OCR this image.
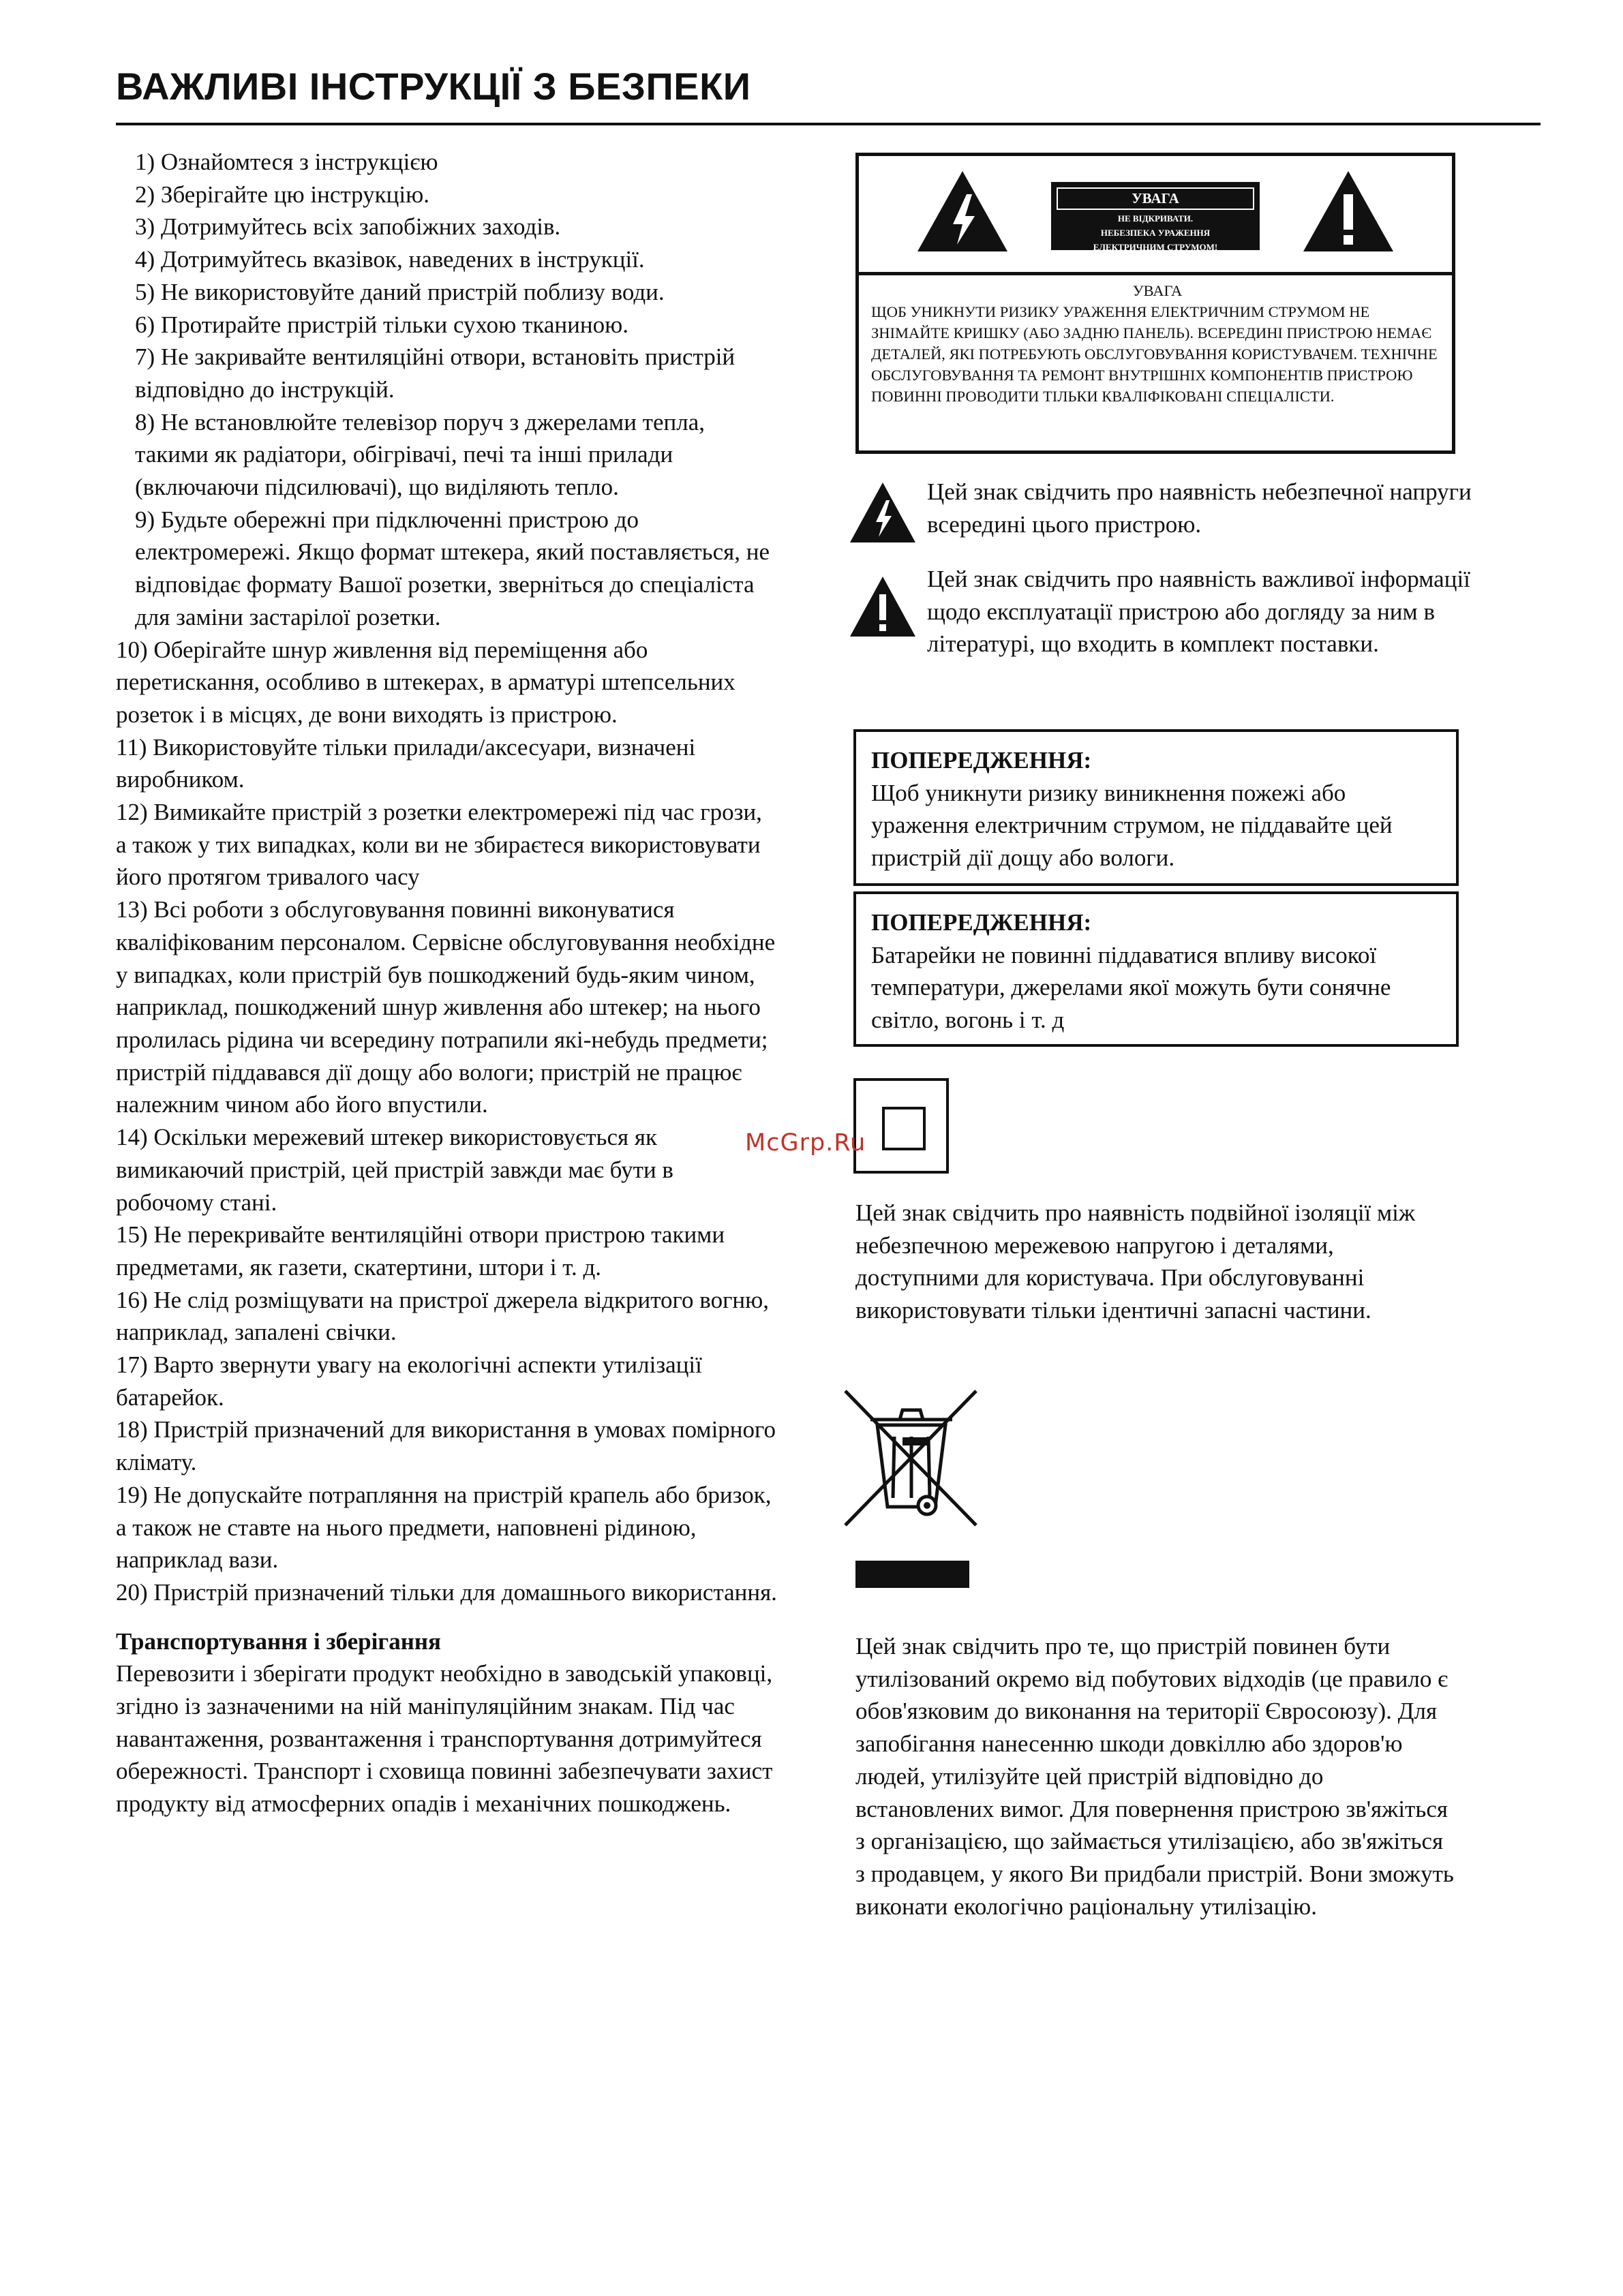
ВАЖЛИВІ ІНСТРУКЦІЇ З БЕЗПЕКИ
1) Ознайомтеся з інструкцією
2) Зберігайте цю інструкцію.
3) Дотримуйтесь всіх запобіжних заходів.
4) Дотримуйтесь вказівок, наведених в інструкції.
5) Не використовуйте даний пристрій поблизу води.
6) Протирайте пристрій тільки сухою тканиною.
7) Не закривайте вентиляційні отвори, встановіть пристрій відповідно до інструкцій.
8) Не встановлюйте телевізор поруч з джерелами тепла, такими як радіатори, обігрівачі, печі та інші прилади (включаючи підсилювачі), що виділяють тепло.
9) Будьте обережні при підключенні пристрою до електромережі. Якщо формат штекера, який поставляється, не відповідає формату Вашої розетки, зверніться до спеціаліста для заміни застарілої розетки.
10) Оберігайте шнур живлення від переміщення або перетискання, особливо в штекерах, в арматурі штепсельних розеток і в місцях, де вони виходять із пристрою.
11) Використовуйте тільки прилади/аксесуари, визначені виробником.
12) Вимикайте пристрій з розетки електромережі під час грози, а також у тих випадках, коли ви не збираєтеся використовувати його протягом тривалого часу
13) Всі роботи з обслуговування повинні виконуватися кваліфікованим персоналом. Сервісне обслуговування необхідне у випадках, коли пристрій був пошкоджений будь-яким чином, наприклад, пошкоджений шнур живлення або штекер; на нього пролилась рідина чи всередину потрапили які-небудь предмети; пристрій піддавався дії дощу або вологи; пристрій не працює належним чином або його впустили.
14) Оскільки мережевий штекер використовується як вимикаючий пристрій, цей пристрій завжди має бути в робочому стані.
15) Не перекривайте вентиляційні отвори пристрою такими предметами, як газети, скатертини, штори і т. д.
16) Не слід розміщувати на пристрої джерела відкритого вогню, наприклад, запалені свічки.
17) Варто звернути увагу на екологічні аспекти утилізації батарейок.
18) Пристрій призначений для використання в умовах помірного клімату.
19) Не допускайте потрапляння на пристрій крапель або бризок, а також не ставте на нього предмети, наповнені рідиною, наприклад вази.
20) Пристрій призначений тільки для домашнього використання.
Транспортування і зберігання
Перевозити і зберігати продукт необхідно в заводській упаковці, згідно із зазначеними на ній маніпуляційним знакам. Під час навантаження, розвантаження і транспортування дотримуйтеся обережності. Транспорт і сховища повинні забезпечувати захист продукту від атмосферних опадів і механічних пошкоджень.
УВАГА
НЕ ВІДКРИВАТИ.
НЕБЕЗПЕКА УРАЖЕННЯ
ЕЛЕКТРИЧНИМ СТРУМОМ!
УВАГА
ЩОБ УНИКНУТИ РИЗИКУ УРАЖЕННЯ ЕЛЕКТРИЧНИМ СТРУМОМ НЕ ЗНІМАЙТЕ КРИШКУ (АБО ЗАДНЮ ПАНЕЛЬ). ВСЕРЕДИНІ ПРИСТРОЮ НЕМАЄ ДЕТАЛЕЙ, ЯКІ ПОТРЕБУЮТЬ ОБСЛУГОВУВАННЯ КОРИСТУВАЧЕМ. ТЕХНІЧНЕ ОБСЛУГОВУВАННЯ ТА РЕМОНТ ВНУТРІШНІХ КОМПОНЕНТІВ ПРИСТРОЮ ПОВИННІ ПРОВОДИТИ ТІЛЬКИ КВАЛІФІКОВАНІ СПЕЦІАЛІСТИ.
Цей знак свідчить про наявність небезпечної напруги всередині цього пристрою.
Цей знак свідчить про наявність важливої інформації щодо експлуатації пристрою або догляду за ним в літературі, що входить в комплект поставки.
ПОПЕРЕДЖЕННЯ:
Щоб уникнути ризику виникнення пожежі або ураження електричним струмом, не піддавайте цей пристрій дії дощу або вологи.
ПОПЕРЕДЖЕННЯ:
Батарейки не повинні піддаватися впливу високої температури, джерелами якої можуть бути сонячне світло, вогонь і т. д
McGrp.Ru
Цей знак свідчить про наявність подвійної ізоляції між небезпечною мережевою напругою і деталями, доступними для користувача. При обслуговуванні використовувати тільки ідентичні запасні частини.
Цей знак свідчить про те, що пристрій повинен бути утилізований окремо від побутових відходів (це правило є обов'язковим до виконання на території Євросоюзу). Для запобігання нанесенню шкоди довкіллю або здоров'ю людей, утилізуйте цей пристрій відповідно до встановлених вимог. Для повернення пристрою зв'яжіться з організацією, що займається утилізацією, або зв'яжіться з продавцем, у якого Ви придбали пристрій. Вони зможуть виконати екологічно раціональну утилізацію.
